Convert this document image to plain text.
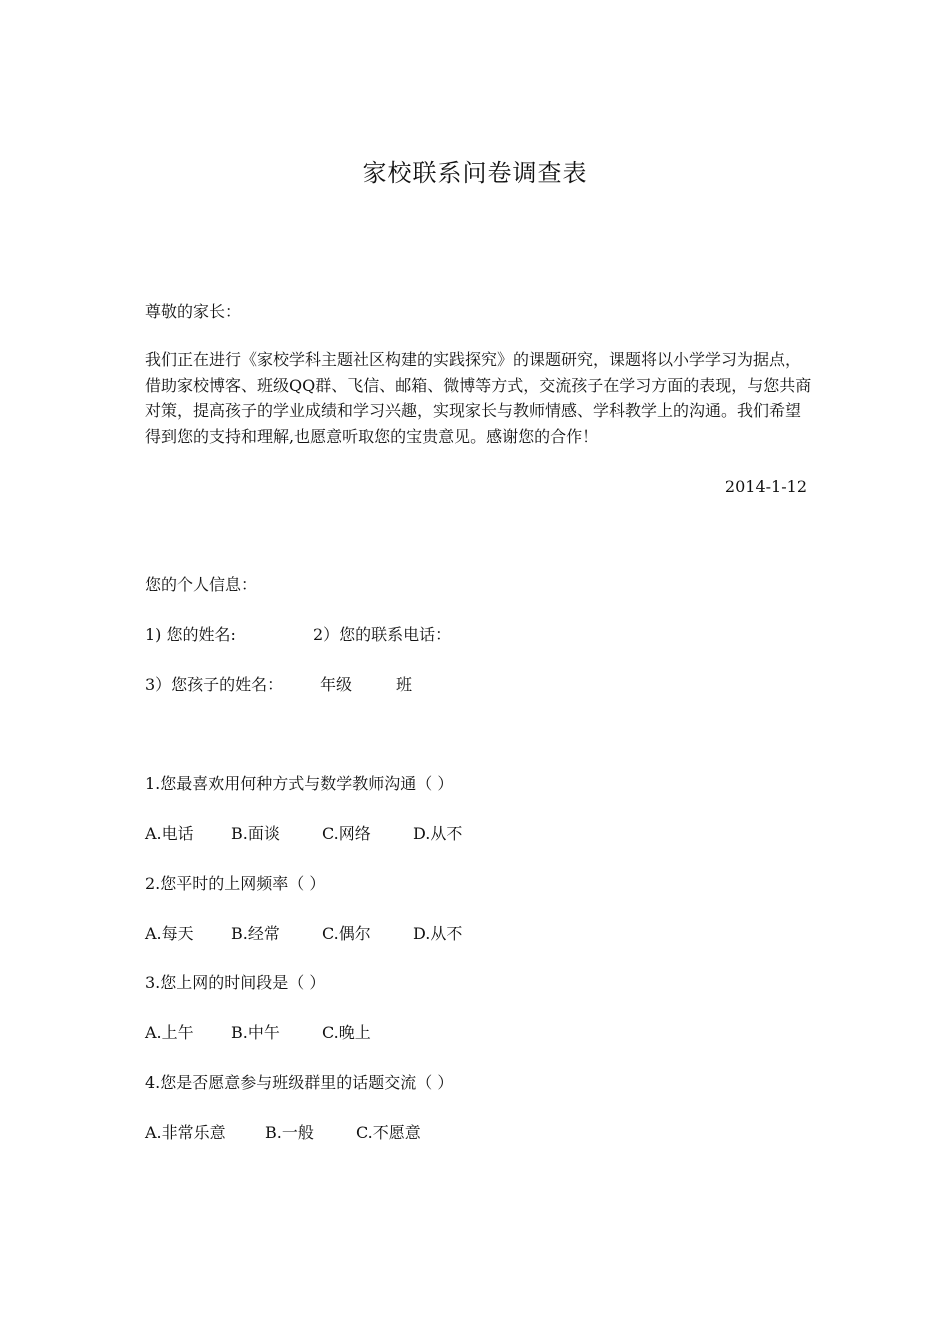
家校联系问卷调查表
尊敬的家长：
我们正在进行《家校学科主题社区构建的实践探究》的课题研究，课题将以小学学习为据点，
借助家校博客、班级QQ群、飞信、邮箱、微博等方式，交流孩子在学习方面的表现，与您共商
对策，提高孩子的学业成绩和学习兴趣，实现家长与教师情感、学科教学上的沟通。我们希望
得到您的支持和理解,也愿意听取您的宝贵意见。感谢您的合作！
2014-1-12
您的个人信息：
1) 您的姓名:	2）您的联系电话：
3）您孩子的姓名： 年级	班
1.您最喜欢用何种方式与数学教师沟通（ ）
A.电话 B.面谈	C.网络	D.从不
2.您平时的上网频率（ ）
A.每天 B.经常	C.偶尔	D.从不
3.您上网的时间段是（ ）
A.上午 B.中午	C.晚上
4.您是否愿意参与班级群里的话题交流（ ）
A.非常乐意 B.一般	C.不愿意
